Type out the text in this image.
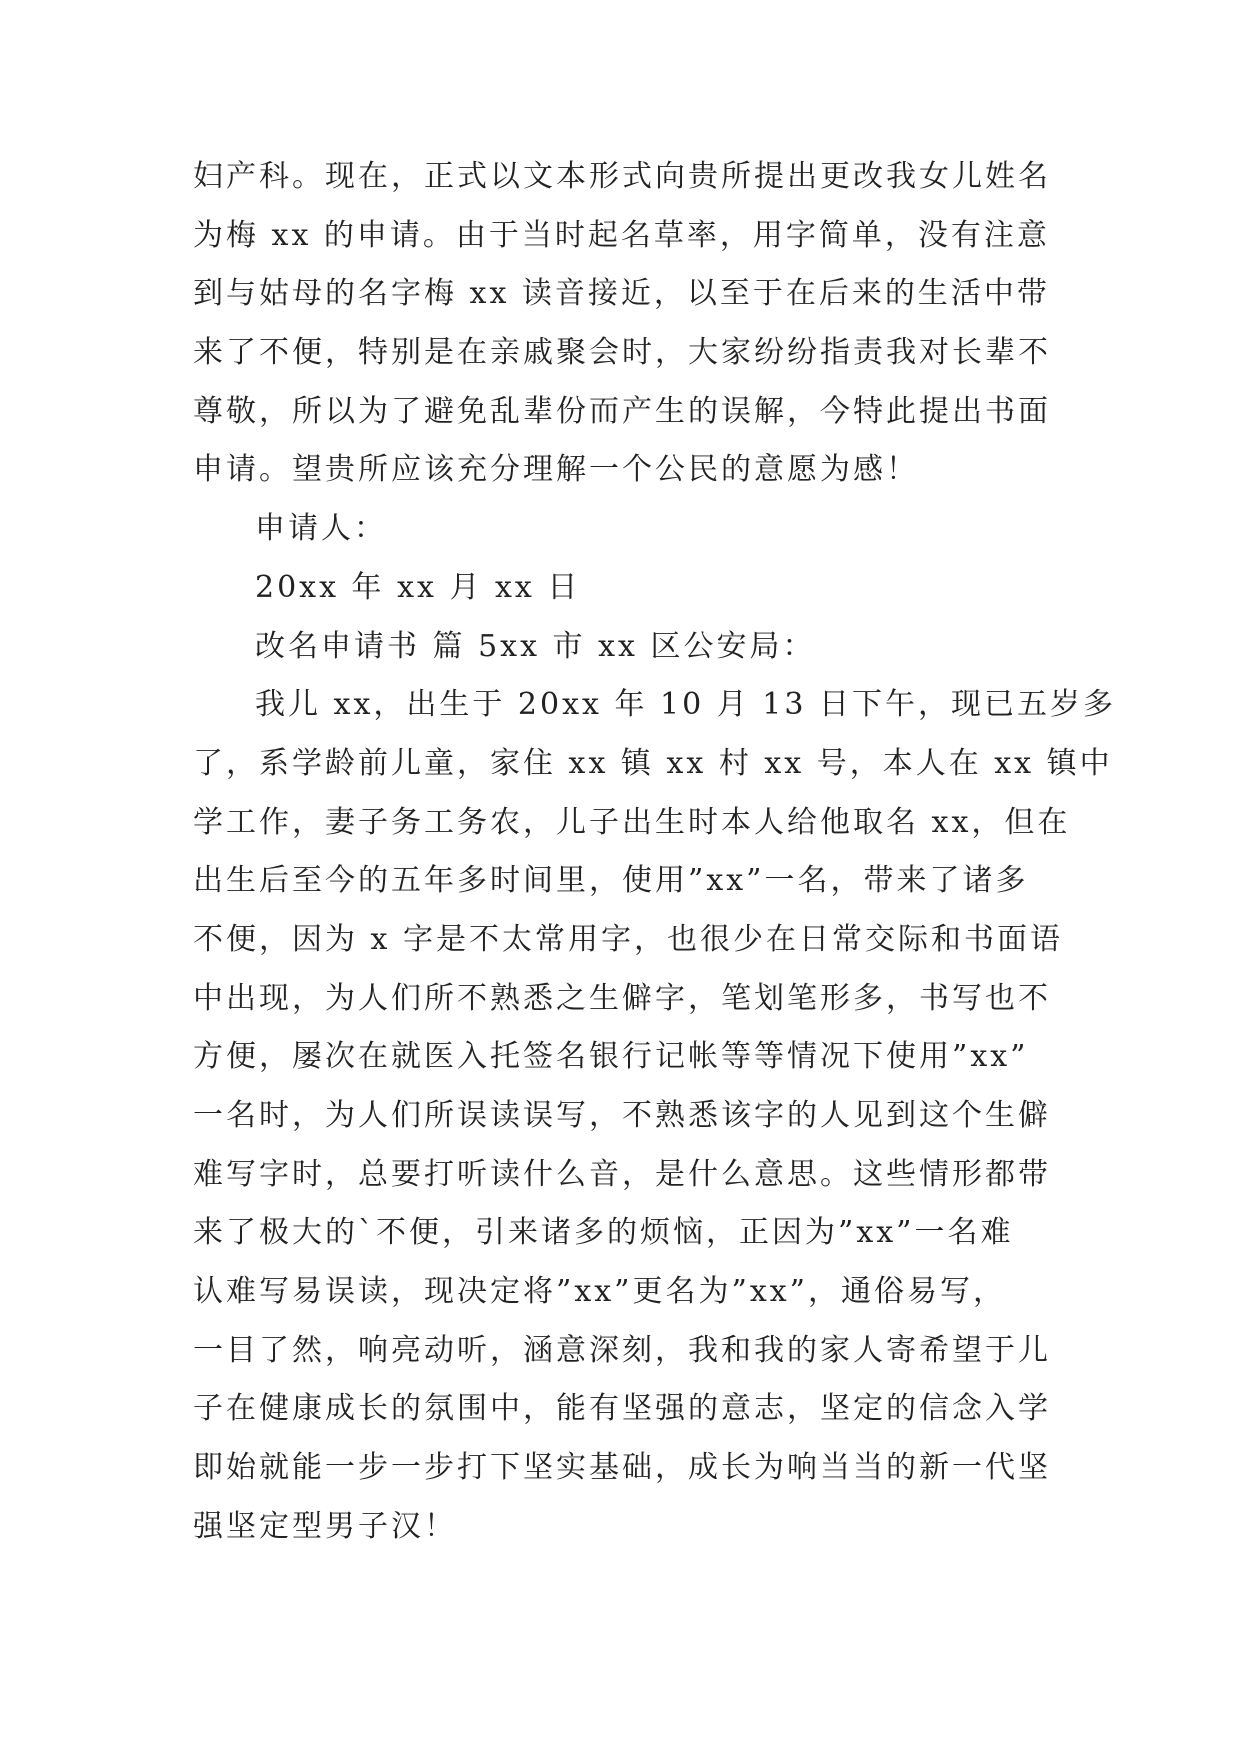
妇产科。现在，正式以文本形式向贵所提出更改我女儿姓名
为梅 xx 的申请。由于当时起名草率，用字简单，没有注意
到与姑母的名字梅 xx 读音接近，以至于在后来的生活中带
来了不便，特别是在亲戚聚会时，大家纷纷指责我对长辈不
尊敬，所以为了避免乱辈份而产生的误解，今特此提出书面
申请。望贵所应该充分理解一个公民的意愿为感！
申请人：
20xx 年 xx 月 xx 日
改名申请书 篇 5xx 市 xx 区公安局：
我儿 xx，出生于 20xx 年 10 月 13 日下午，现已五岁多
了，系学龄前儿童，家住 xx 镇 xx 村 xx 号，本人在 xx 镇中
学工作，妻子务工务农，儿子出生时本人给他取名 xx，但在
出生后至今的五年多时间里，使用”xx”一名，带来了诸多
不便，因为 x 字是不太常用字，也很少在日常交际和书面语
中出现，为人们所不熟悉之生僻字，笔划笔形多，书写也不
方便，屡次在就医入托签名银行记帐等等情况下使用”xx”
一名时，为人们所误读误写，不熟悉该字的人见到这个生僻
难写字时，总要打听读什么音，是什么意思。这些情形都带
来了极大的`不便，引来诸多的烦恼，正因为”xx”一名难
认难写易误读，现决定将”xx”更名为”xx”，通俗易写，
一目了然，响亮动听，涵意深刻，我和我的家人寄希望于儿
子在健康成长的氛围中，能有坚强的意志，坚定的信念入学
即始就能一步一步打下坚实基础，成长为响当当的新一代坚
强坚定型男子汉！
